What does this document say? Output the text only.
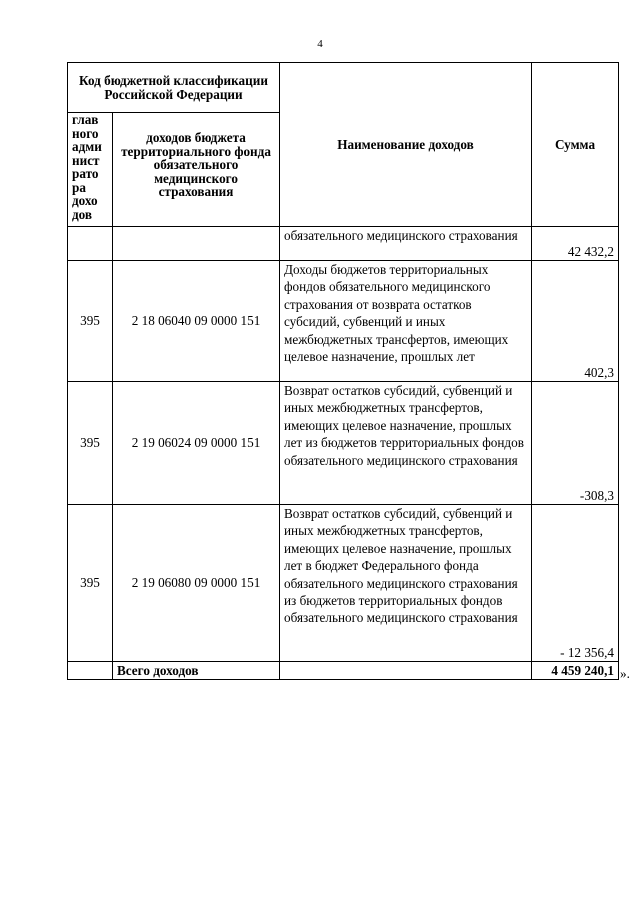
4
Код бюджетной классификации Российской Федерации		Наименование доходов	Сумма
глав ного адми нист рато ра дохо дов	доходов бюджета территориального фонда обязательного медицинского страхования		
		обязательного медицинского страхования	42 432,2
395	2 18 06040 09 0000 151	Доходы бюджетов территориальных фондов обязательного медицинского страхования от возврата остатков субсидий, субвенций и иных межбюджетных трансфертов, имеющих целевое назначение, прошлых лет	402,3
395	2 19 06024 09 0000 151	Возврат остатков субсидий, субвенций и иных межбюджетных трансфертов, имеющих целевое назначение, прошлых лет из бюджетов территориальных фондов обязательного медицинского страхования	-308,3
395	2 19 06080 09 0000 151	Возврат остатков субсидий, субвенций и иных межбюджетных трансфертов, имеющих целевое назначение, прошлых лет в бюджет Федерального фонда обязательного медицинского страхования из бюджетов территориальных фондов обязательного медицинского страхования	- 12 356,4
	Всего доходов		4 459 240,1 ».
